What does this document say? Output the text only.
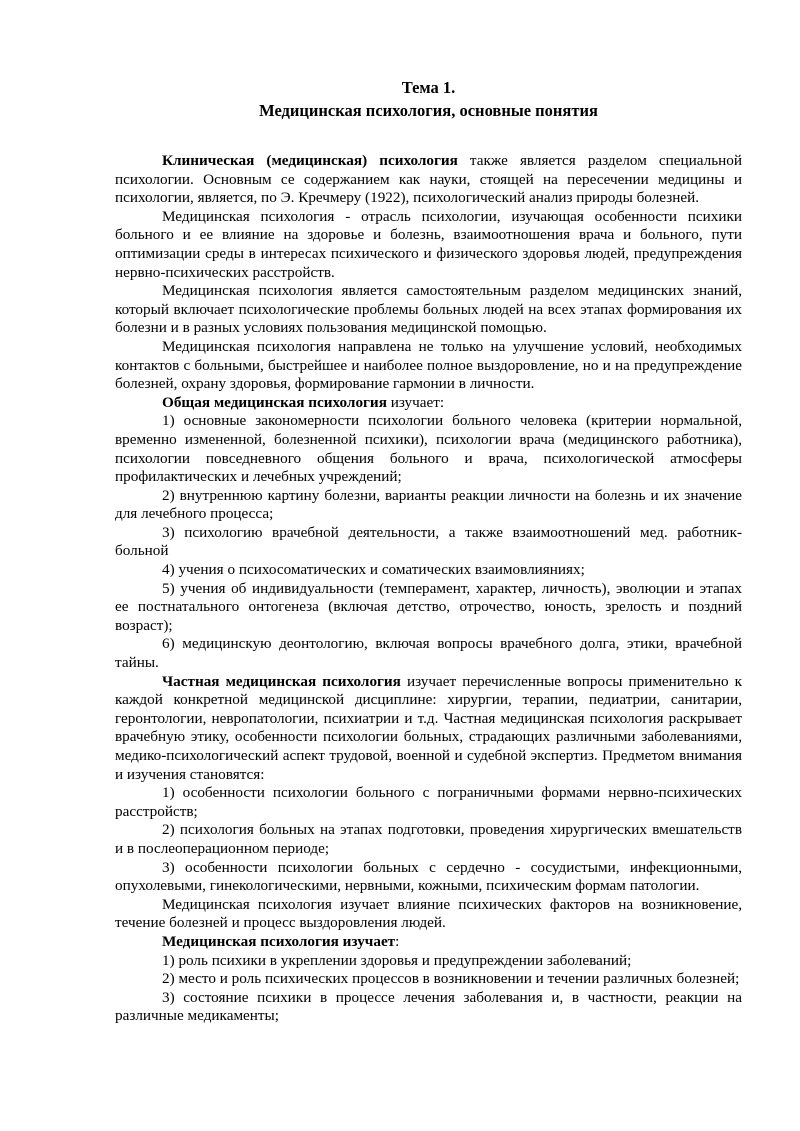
Тема 1.
Медицинская психология, основные понятия

Клиническая (медицинская) психология также является разделом специальной психологии. Основным се содержанием как науки, стоящей на пересечении медицины и психологии, является, по Э. Кречмеру (1922), психологический анализ природы болезней.

Медицинская психология - отрасль психологии, изучающая особенности психики больного и ее влияние на здоровье и болезнь, взаимоотношения врача и больного, пути оптимизации среды в интересах психического и физического здоровья людей, предупреждения нервно-психических расстройств.

Медицинская психология является самостоятельным разделом медицинских знаний, который включает психологические проблемы больных людей на всех этапах формирования их болезни и в разных условиях пользования медицинской помощью.

Медицинская психология направлена не только на улучшение условий, необходимых контактов с больными, быстрейшее и наиболее полное выздоровление, но и на предупреждение болезней, охрану здоровья, формирование гармонии в личности.

Общая медицинская психология изучает:

1) основные закономерности психологии больного человека (критерии нормальной, временно измененной, болезненной психики), психологии врача (медицинского работника), психологии повседневного общения больного и врача, психологической атмосферы профилактических и лечебных учреждений;

2) внутреннюю картину болезни, варианты реакции личности на болезнь и их значение для лечебного процесса;

3) психологию врачебной деятельности, а также взаимоотношений мед. работник-больной

4) учения о психосоматических и соматических взаимовлияниях;

5) учения об индивидуальности (темперамент, характер, личность), эволюции и этапах ее постнатального онтогенеза (включая детство, отрочество, юность, зрелость и поздний возраст);

6) медицинскую деонтологию, включая вопросы врачебного долга, этики, врачебной тайны.

Частная медицинская психология изучает перечисленные вопросы применительно к каждой конкретной медицинской дисциплине: хирургии, терапии, педиатрии, санитарии, геронтологии, невропатологии, психиатрии и т.д. Частная медицинская психология раскрывает врачебную этику, особенности психологии больных, страдающих различными заболеваниями, медико-психологический аспект трудовой, военной и судебной экспертиз. Предметом внимания и изучения становятся:

1) особенности психологии больного с пограничными формами нервно-психических расстройств;

2) психология больных на этапах подготовки, проведения хирургических вмешательств и в послеоперационном периоде;

3) особенности психологии больных с сердечно - сосудистыми, инфекционными, опухолевыми, гинекологическими, нервными, кожными, психическим формам патологии.

Медицинская психология изучает влияние психических факторов на возникновение, течение болезней и процесс выздоровления людей.

Медицинская психология изучает:

1) роль психики в укреплении здоровья и предупреждении заболеваний;

2) место и роль психических процессов в возникновении и течении различных болезней;

3) состояние психики в процессе лечения заболевания и, в частности, реакции на различные медикаменты;
